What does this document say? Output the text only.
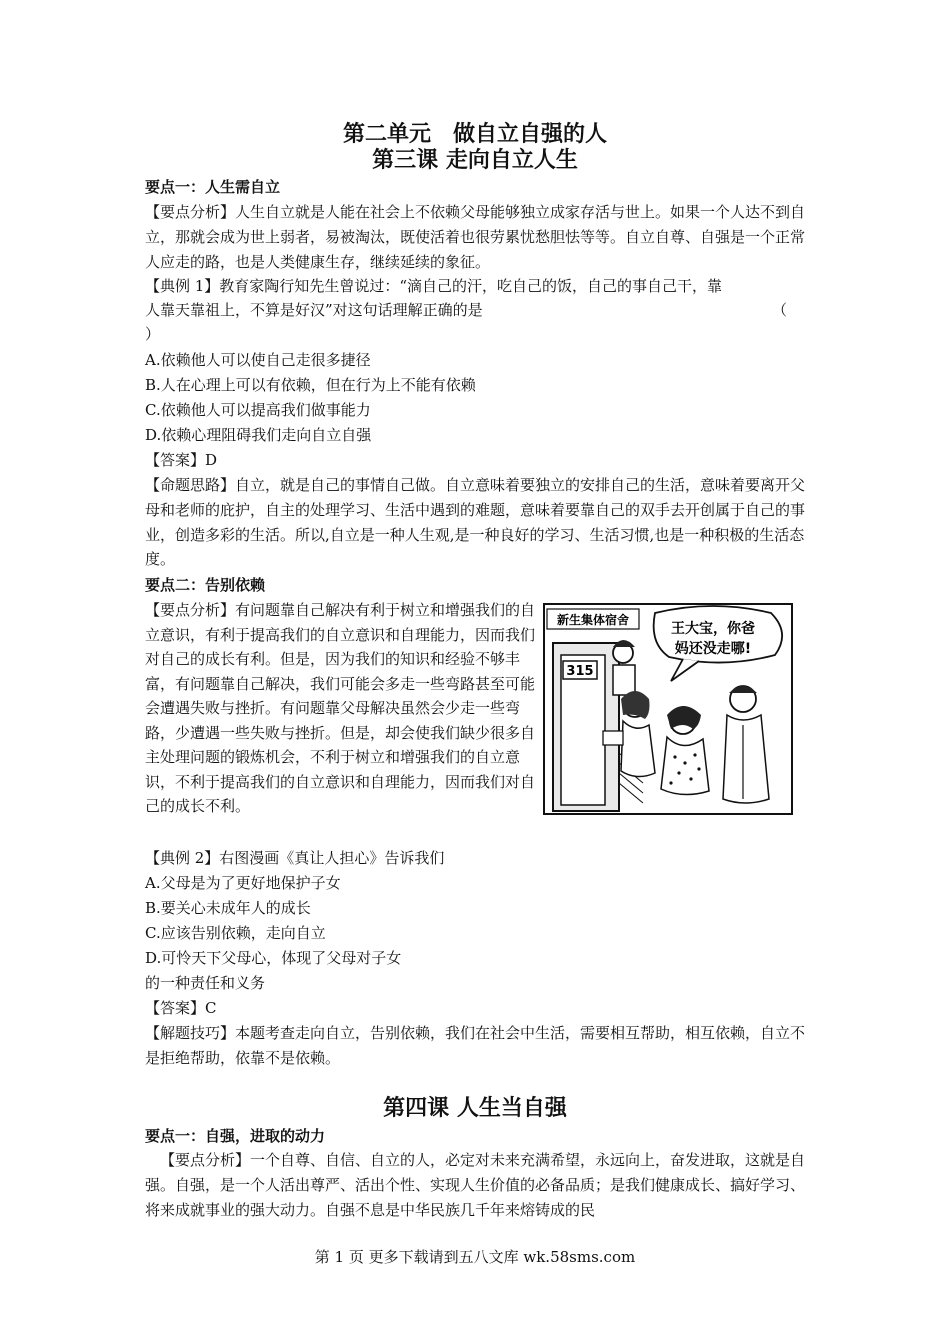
第二单元　做自立自强的人
第三课 走向自立人生
要点一：人生需自立
【要点分析】人生自立就是人能在社会上不依赖父母能够独立成家存活与世上。如果一个人达不到自立，那就会成为世上弱者，易被淘汰，既使活着也很劳累忧愁胆怯等等。自立自尊、自强是一个正常人应走的路，也是人类健康生存，继续延续的象征。
【典例 1】教育家陶行知先生曾说过：“滴自己的汗，吃自己的饭，自己的事自己干，靠
人靠天靠祖上，不算是好汉”对这句话理解正确的是	（
）
A.依赖他人可以使自己走很多捷径
B.人在心理上可以有依赖，但在行为上不能有依赖
C.依赖他人可以提高我们做事能力
D.依赖心理阻碍我们走向自立自强
【答案】D
【命题思路】自立，就是自己的事情自己做。自立意味着要独立的安排自己的生活，意味着要离开父母和老师的庇护，自主的处理学习、生活中遇到的难题，意味着要靠自己的双手去开创属于自己的事业，创造多彩的生活。所以,自立是一种人生观,是一种良好的学习、生活习惯,也是一种积极的生活态度。
要点二：告别依赖
【要点分析】有问题靠自己解决有利于树立和增强我们的自立意识，有利于提高我们的自立意识和自理能力，因而我们对自己的成长有利。但是，因为我们的知识和经验不够丰富，有问题靠自己解决，我们可能会多走一些弯路甚至可能会遭遇失败与挫折。有问题靠父母解决虽然会少走一些弯路，少遭遇一些失败与挫折。但是，却会使我们缺少很多自主处理问题的锻炼机会，不利于树立和增强我们的自立意识，不利于提高我们的自立意识和自理能力，因而我们对自己的成长不利。
新生集体宿舍
315
王大宝，你爸
妈还没走哪!
【典例 2】右图漫画《真让人担心》告诉我们
A.父母是为了更好地保护子女
B.要关心未成年人的成长
C.应该告别依赖，走向自立
D.可怜天下父母心，体现了父母对子女
的一种责任和义务
【答案】C
【解题技巧】本题考查走向自立，告别依赖，我们在社会中生活，需要相互帮助，相互依赖，自立不是拒绝帮助，依靠不是依赖。
第四课 人生当自强
要点一：自强，进取的动力
【要点分析】一个自尊、自信、自立的人，必定对未来充满希望，永远向上，奋发进取，这就是自强。自强，是一个人活出尊严、活出个性、实现人生价值的必备品质；是我们健康成长、搞好学习、将来成就事业的强大动力。自强不息是中华民族几千年来熔铸成的民
第 1 页 更多下载请到五八文库 wk.58sms.com
